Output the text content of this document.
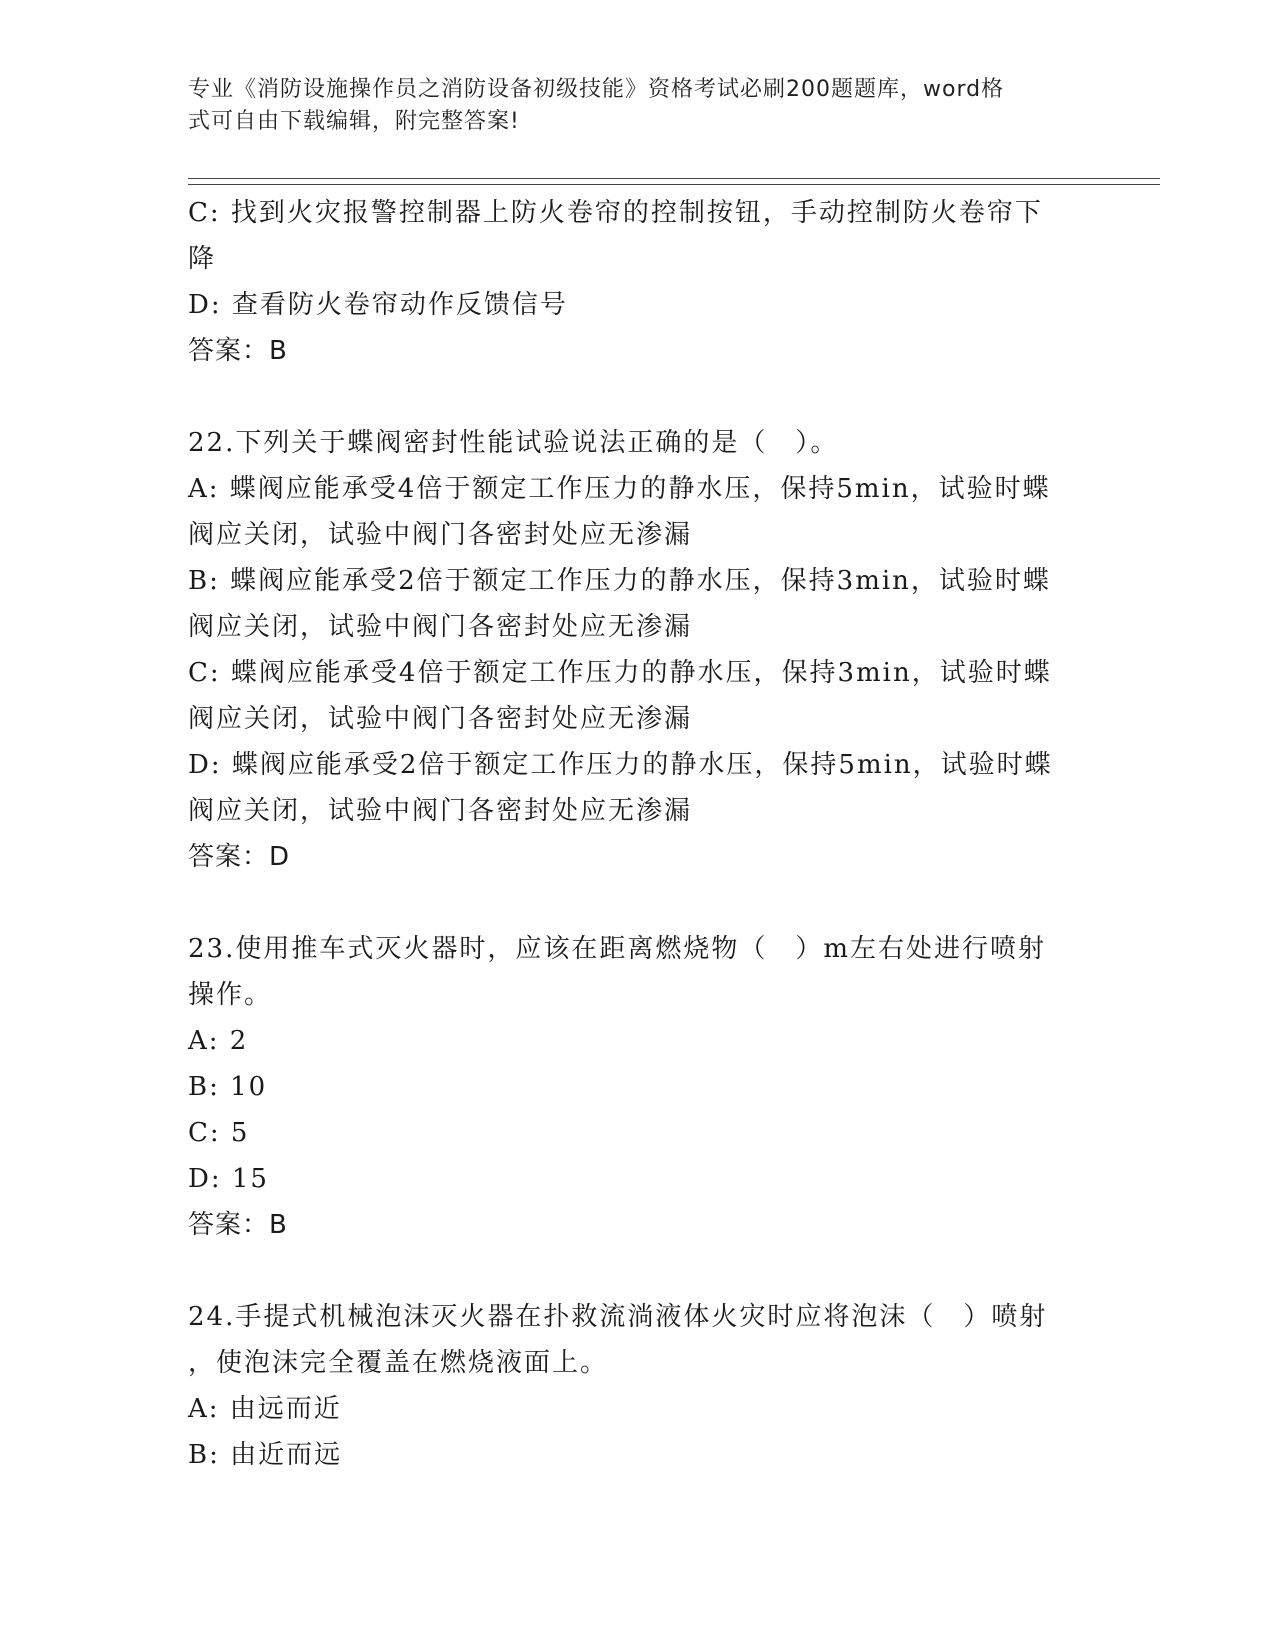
专业《消防设施操作员之消防设备初级技能》资格考试必刷200题题库，word格
式可自由下载编辑，附完整答案!
C: 找到火灾报警控制器上防火卷帘的控制按钮，手动控制防火卷帘下
降
D: 查看防火卷帘动作反馈信号
答案：B
22.下列关于蝶阀密封性能试验说法正确的是（　）。
A: 蝶阀应能承受4倍于额定工作压力的静水压，保持5min，试验时蝶
阀应关闭，试验中阀门各密封处应无渗漏
B: 蝶阀应能承受2倍于额定工作压力的静水压，保持3min，试验时蝶
阀应关闭，试验中阀门各密封处应无渗漏
C: 蝶阀应能承受4倍于额定工作压力的静水压，保持3min，试验时蝶
阀应关闭，试验中阀门各密封处应无渗漏
D: 蝶阀应能承受2倍于额定工作压力的静水压，保持5min，试验时蝶
阀应关闭，试验中阀门各密封处应无渗漏
答案：D
23.使用推车式灭火器时，应该在距离燃烧物（　）m左右处进行喷射
操作。
A: 2
B: 10
C: 5
D: 15
答案：B
24.手提式机械泡沫灭火器在扑救流淌液体火灾时应将泡沫（　）喷射
，使泡沫完全覆盖在燃烧液面上。
A: 由远而近
B: 由近而远
